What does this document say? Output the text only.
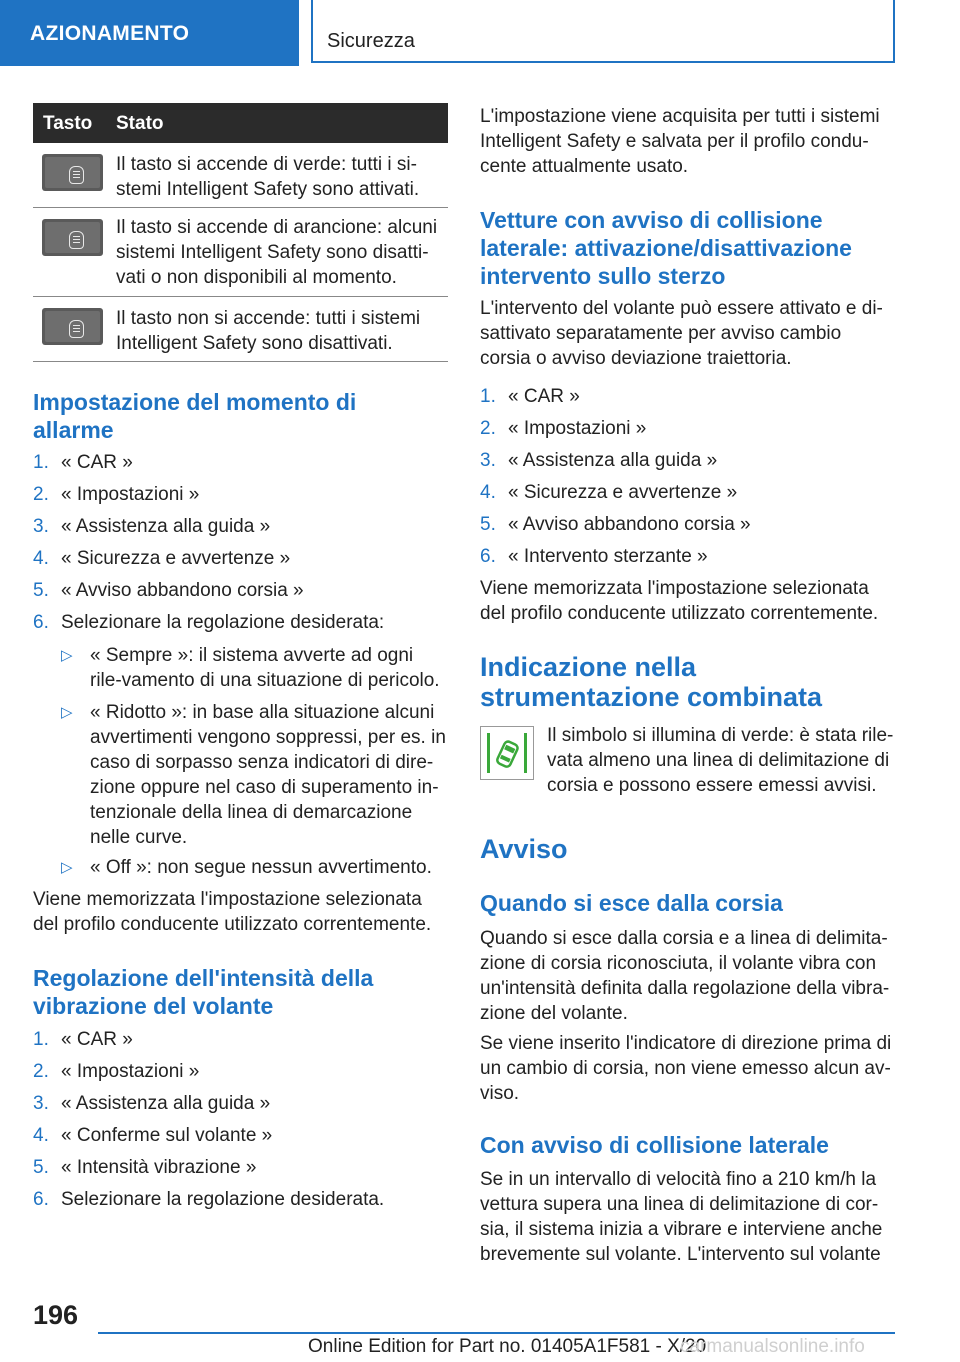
AZIONAMENTO	Sicurezza
Tasto Stato
Il tasto si accende di verde: tutti i si-stemi Intelligent Safety sono attivati.
Il tasto si accende di arancione: alcuni sistemi Intelligent Safety sono disatti-vati o non disponibili al momento.
Il tasto non si accende: tutti i sistemi Intelligent Safety sono disattivati.
Impostazione del momento di allarme
1. « CAR »
2. « Impostazioni »
3. « Assistenza alla guida »
4. « Sicurezza e avvertenze »
5. « Avviso abbandono corsia »
6. Selezionare la regolazione desiderata:
▷ « Sempre »: il sistema avverte ad ogni rile-vamento di una situazione di pericolo.
▷ « Ridotto »: in base alla situazione alcuni avvertimenti vengono soppressi, per es. in caso di sorpasso senza indicatori di dire-zione oppure nel caso di superamento in-tenzionale della linea di demarcazione nelle curve.
▷ « Off »: non segue nessun avvertimento.

Viene memorizzata l'impostazione selezionata del profilo conducente utilizzato correntemente.

Regolazione dell'intensità della vibrazione del volante
1. « CAR »
2. « Impostazioni »
3. « Assistenza alla guida »
4. « Conferme sul volante »
5. « Intensità vibrazione »
6. Selezionare la regolazione desiderata.

L'impostazione viene acquisita per tutti i sistemi Intelligent Safety e salvata per il profilo condu-cente attualmente usato.

Vetture con avviso di collisione laterale: attivazione/disattivazione intervento sullo sterzo

L'intervento del volante può essere attivato e di-sattivato separatamente per avviso cambio corsia o avviso deviazione traiettoria.

1. « CAR »
2. « Impostazioni »
3. « Assistenza alla guida »
4. « Sicurezza e avvertenze »
5. « Avviso abbandono corsia »
6. « Intervento sterzante »

Viene memorizzata l'impostazione selezionata del profilo conducente utilizzato correntemente.

Indicazione nella strumentazione combinata

Il simbolo si illumina di verde: è stata rile-vata almeno una linea di delimitazione di corsia e possono essere emessi avvisi.

Avviso
Quando si esce dalla corsia

Quando si esce dalla corsia e a linea di delimita-zione di corsia riconosciuta, il volante vibra con un'intensità definita dalla regolazione della vibra-zione del volante.

Se viene inserito l'indicatore di direzione prima di un cambio di corsia, non viene emesso alcun av-viso.

Con avviso di collisione laterale

Se in un intervallo di velocità fino a 210 km/h la vettura supera una linea di delimitazione di cor-sia, il sistema inizia a vibrare e interviene anche brevemente sul volante. L'intervento sul volante

196
Online Edition for Part no. 01405A1F581 - X/20
carmanualsonline.info
